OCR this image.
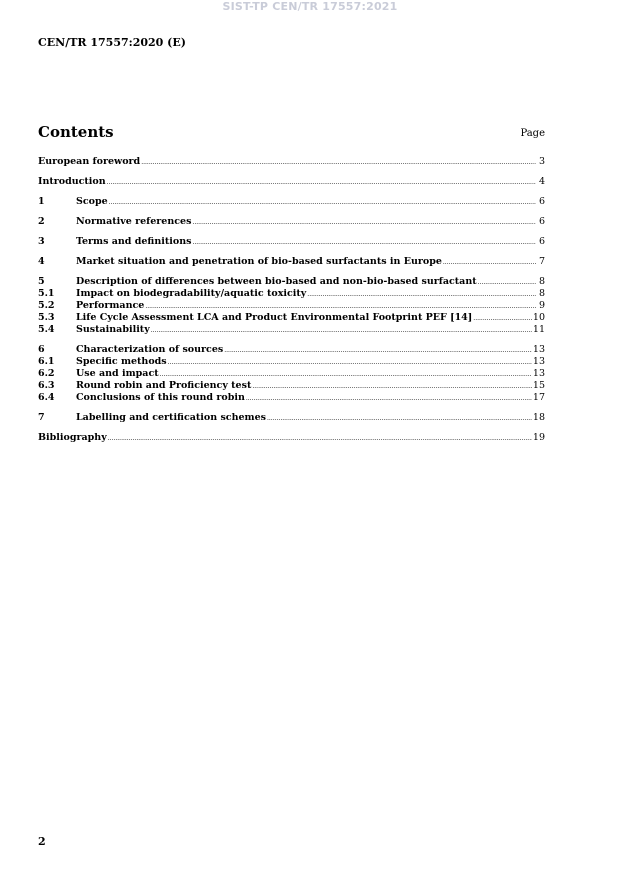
SIST-TP CEN/TR 17557:2021
CEN/TR 17557:2020 (E)
Contents	Page
European foreword .....	3
Introduction .....	4
1	Scope .....	6
2	Normative references .....	6
3	Terms and definitions .....	6
4	Market situation and penetration of bio-based surfactants in Europe .....	7
5	Description of differences between bio-based and non-bio-based surfactant .....	8
5.1	Impact on biodegradability/aquatic toxicity .....	8
5.2	Performance .....	9
5.3	Life Cycle Assessment LCA and Product Environmental Footprint PEF [14] .....	10
5.4	Sustainability .....	11
6	Characterization of sources .....	13
6.1	Specific methods .....	13
6.2	Use and impact .....	13
6.3	Round robin and Proficiency test .....	15
6.4	Conclusions of this round robin .....	17
7	Labelling and certification schemes .....	18
Bibliography .....	19
2
